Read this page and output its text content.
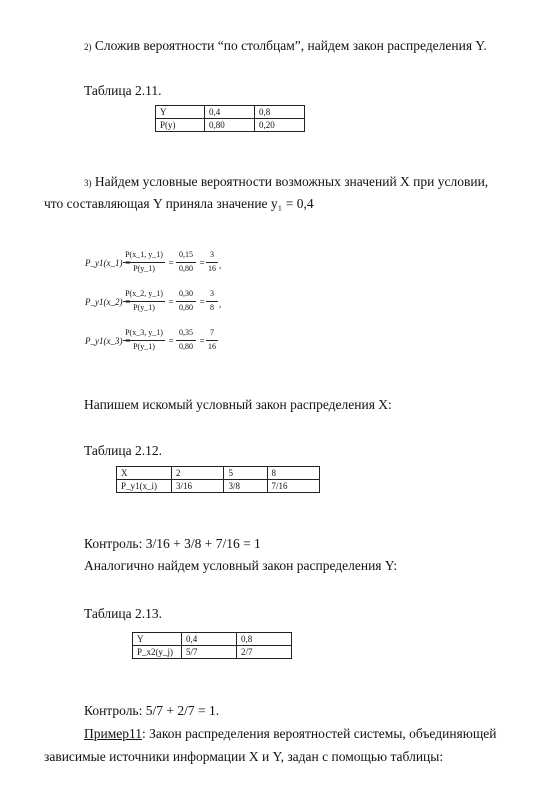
2) Сложив вероятности “по столбцам”, найдем закон распределения Y.
Таблица 2.11.
Y	0,4	0,8
P(y)	0,80	0,20
3) Найдем условные вероятности возможных значений X при условии,
что составляющая Y приняла значение y₁ = 0,4
P_y1(x_1) =
P(x_1, y_1)
P(y_1)
=
0,15
0,80
=
3
16 ,
P_y1(x_2) =
P(x_2, y_1)
P(y_1)
=
0,30
0,80
=
3
8 ,
P_y1(x_3) =
P(x_3, y_1)
P(y_1)
=
0,35
0,80
=
7
16
Напишем искомый условный закон распределения X:
Таблица 2.12.
X	2	5	8
P_y1(x_i)	3/16	3/8	7/16
Контроль: 3/16 + 3/8 + 7/16 = 1
Аналогично найдем условный закон распределения Y:
Таблица 2.13.
Y	0,4	0,8
P_x2(y_j)	5/7	2/7
Контроль: 5/7 + 2/7 = 1.
Пример11: Закон распределения вероятностей системы, объединяющей
зависимые источники информации X и Y, задан с помощью таблицы:
